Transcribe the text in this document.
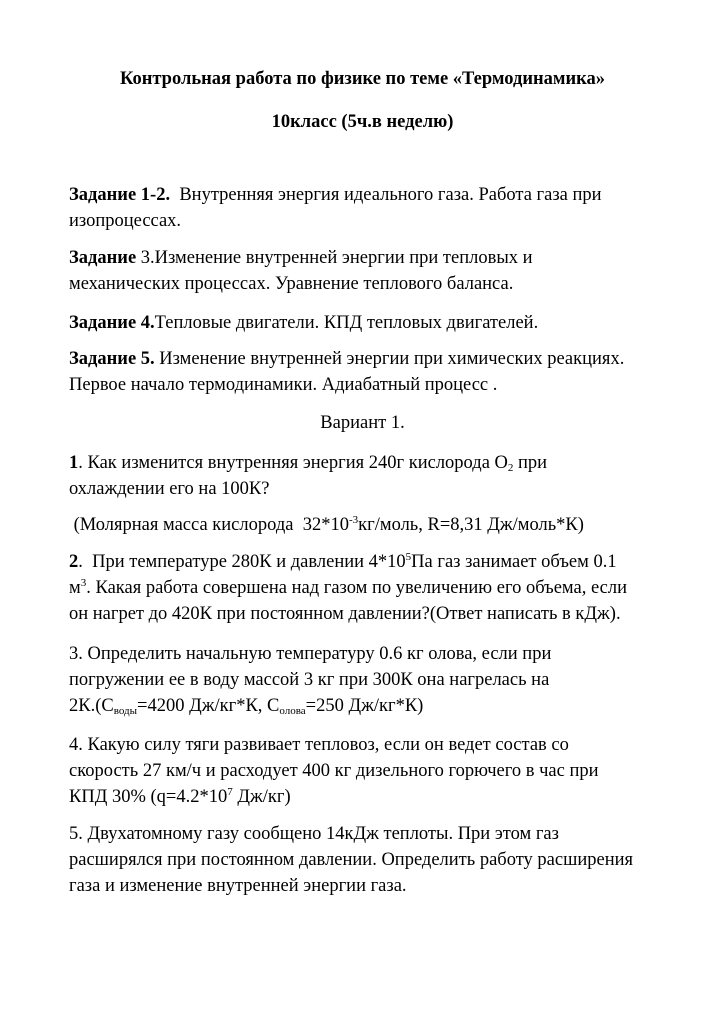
Контрольная работа по физике по теме «Термодинамика»
10класс (5ч.в неделю)
Задание 1-2.  Внутренняя энергия идеального газа. Работа газа при
изопроцессах.
Задание 3.Изменение внутренней энергии при тепловых и
механических процессах. Уравнение теплового баланса.
Задание 4.Тепловые двигатели. КПД тепловых двигателей.
Задание 5. Изменение внутренней энергии при химических реакциях.
Первое начало термодинамики. Адиабатный процесс .
Вариант 1.
1. Как изменится внутренняя энергия 240г кислорода $O_2$ при
охлаждении его на 100К?
(Молярная масса кислорода  $32*10^{-3}кг$/моль, R=8,31 Дж/моль*К)
2.  При температуре 280К и давлении $4*10^5Па$ газ занимает объем 0.1
$м^3$. Какая работа совершена над газом по увеличению его объема, если
он нагрет до 420К при постоянном давлении?(Ответ написать в кДж).
3. Определить начальную температуру 0.6 кг олова, если при
погружении ее в воду массой 3 кг при 300К она нагрелась на
$2К.(С_{воды}=4200$ Дж/кг*К, $С_{олова}=250$ Дж/кг*К)
4. Какую силу тяги развивает тепловоз, если он ведет состав со
скорость 27 км/ч и расходует 400 кг дизельного горючего в час при
КПД 30% ($q=4.2*10^7$ Дж/кг)
5. Двухатомному газу сообщено 14кДж теплоты. При этом газ
расширялся при постоянном давлении. Определить работу расширения
газа и изменение внутренней энергии газа.
